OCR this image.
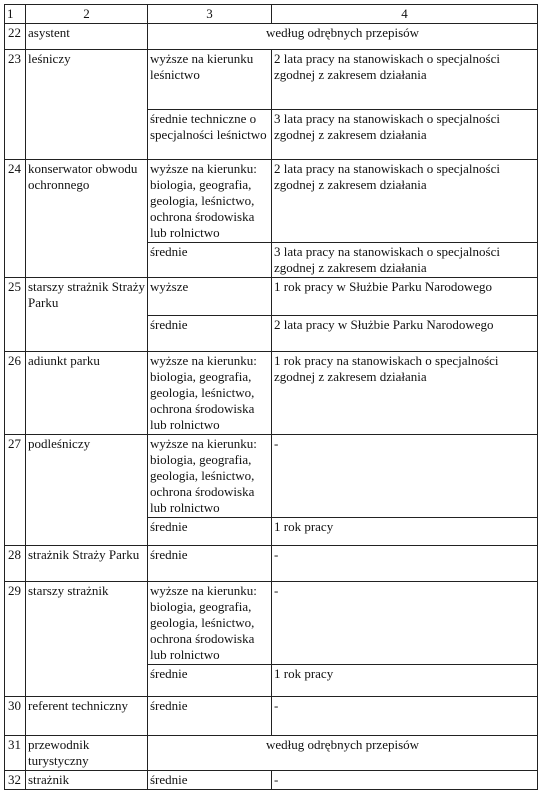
1	2	3	4
22	asystent	według odrębnych przepisów	
23	leśniczy	wyższe na kierunku leśnictwo	2 lata pracy na stanowiskach o specjalności zgodnej z zakresem działania
		średnie techniczne o specjalności leśnictwo	3 lata pracy na stanowiskach o specjalności zgodnej z zakresem działania
24	konserwator obwodu ochronnego	wyższe na kierunku: biologia, geografia, geologia, leśnictwo, ochrona środowiska lub rolnictwo	2 lata pracy na stanowiskach o specjalności zgodnej z zakresem działania
		średnie	3 lata pracy na stanowiskach o specjalności zgodnej z zakresem działania
25	starszy strażnik Straży Parku	wyższe	1 rok pracy w Służbie Parku Narodowego
		średnie	2 lata pracy w Służbie Parku Narodowego
26	adiunkt parku	wyższe na kierunku: biologia, geografia, geologia, leśnictwo, ochrona środowiska lub rolnictwo	1 rok pracy na stanowiskach o specjalności zgodnej z zakresem działania
27	podleśniczy	wyższe na kierunku: biologia, geografia, geologia, leśnictwo, ochrona środowiska lub rolnictwo	-
		średnie	1 rok pracy
28	strażnik Straży Parku	średnie	-
29	starszy strażnik	wyższe na kierunku: biologia, geografia, geologia, leśnictwo, ochrona środowiska lub rolnictwo	-
		średnie	1 rok pracy
30	referent techniczny	średnie	-
31	przewodnik turystyczny	według odrębnych przepisów	
32	strażnik	średnie	-
